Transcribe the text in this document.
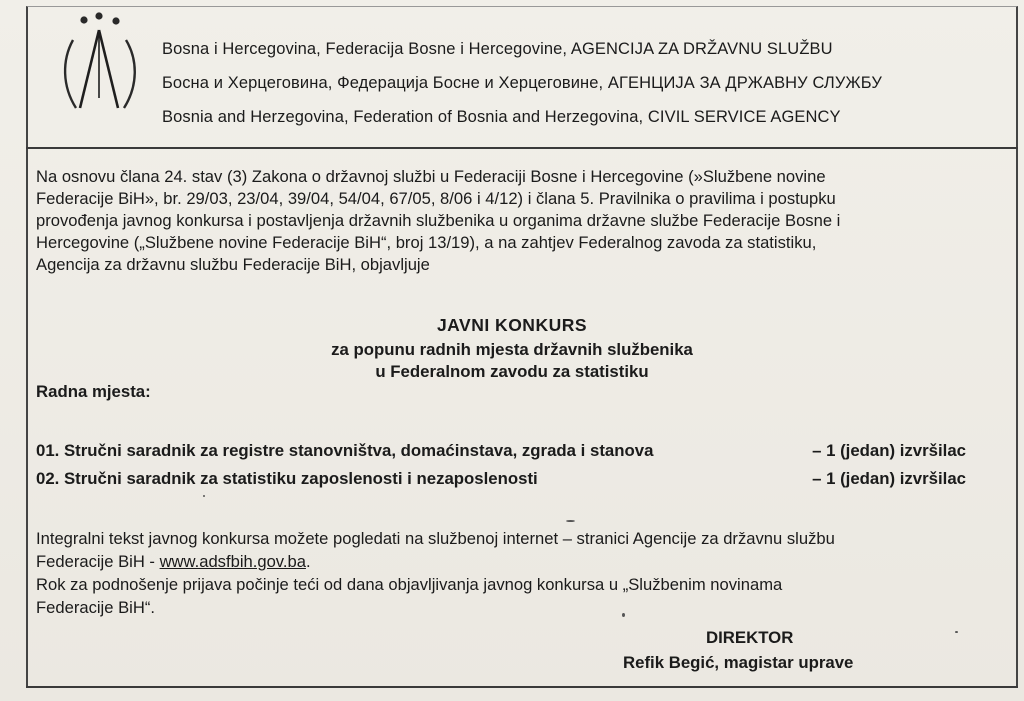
Bosna i Hercegovina, Federacija Bosne i Hercegovine, AGENCIJA ZA DRŽAVNU SLUŽBU
Босна и Херцеговина, Федерација Босне и Херцеговине, АГЕНЦИЈА ЗА ДРЖАВНУ СЛУЖБУ
Bosnia and Herzegovina, Federation of Bosnia and Herzegovina, CIVIL SERVICE AGENCY
Na osnovu člana 24. stav (3) Zakona o državnoj službi u Federaciji Bosne i Hercegovine (»Službene novine
Federacije BiH», br. 29/03, 23/04, 39/04, 54/04, 67/05, 8/06 i 4/12) i člana 5. Pravilnika o pravilima i postupku
provođenja javnog konkursa i postavljenja državnih službenika u organima državne službe Federacije Bosne i
Hercegovine („Službene novine Federacije BiH“, broj 13/19), a na zahtjev Federalnog zavoda za statistiku,
Agencija za državnu službu Federacije BiH, objavljuje
JAVNI KONKURS
za popunu radnih mjesta državnih službenika
u Federalnom zavodu za statistiku
Radna mjesta:
01. Stručni saradnik za registre stanovništva, domaćinstava, zgrada i stanova	– 1 (jedan) izvršilac
02. Stručni saradnik za statistiku zaposlenosti i nezaposlenosti	– 1 (jedan) izvršilac
Integralni tekst javnog konkursa možete pogledati na službenoj internet – stranici Agencije za državnu službu
Federacije BiH - www.adsfbih.gov.ba.
Rok za podnošenje prijava počinje teći od dana objavljivanja javnog konkursa u „Službenim novinama
Federacije BiH“.
DIREKTOR
Refik Begić, magistar uprave
